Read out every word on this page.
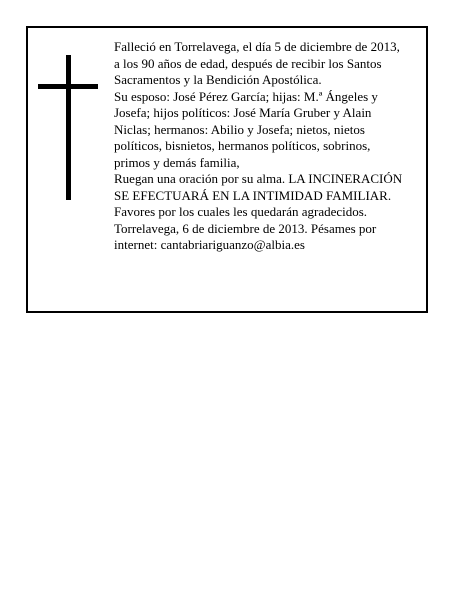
Falleció en Torrelavega, el día 5 de diciembre de 2013,
a los 90 años de edad, después de recibir los Santos
Sacramentos y la Bendición Apostólica.
Su esposo: José Pérez García; hijas: M.ª Ángeles y
Josefa; hijos políticos: José María Gruber y Alain
Niclas; hermanos: Abilio y Josefa; nietos, nietos
políticos, bisnietos, hermanos políticos, sobrinos,
primos y demás familia,
Ruegan una oración por su alma. LA INCINERACIÓN
SE EFECTUARÁ EN LA INTIMIDAD FAMILIAR.
Favores por los cuales les quedarán agradecidos.
Torrelavega, 6 de diciembre de 2013. Pésames por
internet: cantabriariguanzo@albia.es
